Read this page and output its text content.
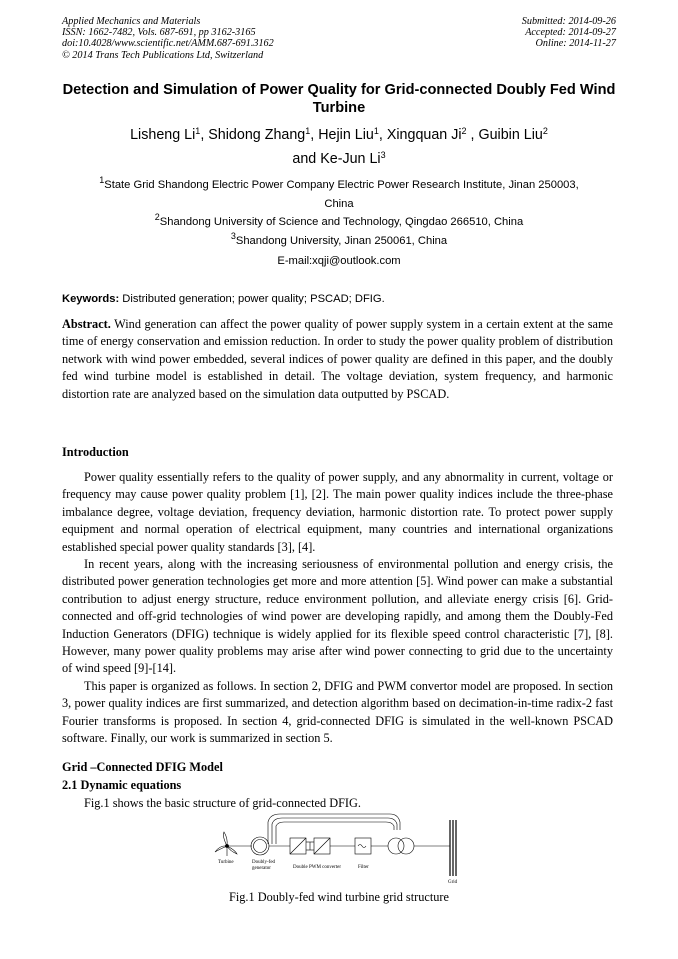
Applied Mechanics and Materials
ISSN: 1662-7482, Vols. 687-691, pp 3162-3165
doi:10.4028/www.scientific.net/AMM.687-691.3162
© 2014 Trans Tech Publications Ltd, Switzerland
Submitted: 2014-09-26
Accepted: 2014-09-27
Online: 2014-11-27
Detection and Simulation of Power Quality for Grid-connected Doubly Fed Wind Turbine
Lisheng Li$^1$, Shidong Zhang$^1$, Hejin Liu$^1$, Xingquan Ji$^2$ , Guibin Liu$^2$
and Ke-Jun Li$^3$
$^1$State Grid Shandong Electric Power Company Electric Power Research Institute, Jinan 250003,
China
$^2$Shandong University of Science and Technology, Qingdao 266510, China
$^3$Shandong University, Jinan 250061, China
E-mail:xqji@outlook.com
Keywords: Distributed generation; power quality; PSCAD; DFIG.

Abstract. Wind generation can affect the power quality of power supply system in a certain extent at the same time of energy conservation and emission reduction. In order to study the power quality problem of distribution network with wind power embedded, several indices of power quality are defined in this paper, and the doubly fed wind turbine model is established in detail. The voltage deviation, system frequency, and harmonic distortion rate are analyzed based on the simulation data outputted by PSCAD.

Introduction

Power quality essentially refers to the quality of power supply, and any abnormality in current, voltage or frequency may cause power quality problem [1], [2]. The main power quality indices include the three-phase imbalance degree, voltage deviation, frequency deviation, harmonic distortion rate. To protect power supply equipment and normal operation of electrical equipment, many countries and international organizations established special power quality standards [3], [4].

In recent years, along with the increasing seriousness of environmental pollution and energy crisis, the distributed power generation technologies get more and more attention [5]. Wind power can make a substantial contribution to adjust energy structure, reduce environment pollution, and alleviate energy crisis [6]. Grid-connected and off-grid technologies of wind power are developing rapidly, and among them the Doubly-Fed Induction Generators (DFIG) technique is widely applied for its flexible speed control characteristic [7], [8]. However, many power quality problems may arise after wind power connecting to grid due to the uncertainty of wind speed [9]-[14].

This paper is organized as follows. In section 2, DFIG and PWM convertor model are proposed. In section 3, power quality indices are first summarized, and detection algorithm based on decimation-in-time radix-2 fast Fourier transforms is proposed. In section 4, grid-connected DFIG is simulated in the well-known PSCAD software. Finally, our work is summarized in section 5.

Grid –Connected DFIG Model
2.1 Dynamic equations
Fig.1 shows the basic structure of grid-connected DFIG.
Turbine	Doubly-fed
generator	Double PWM converter	Filter
Grid
Fig.1 Doubly-fed wind turbine grid structure
